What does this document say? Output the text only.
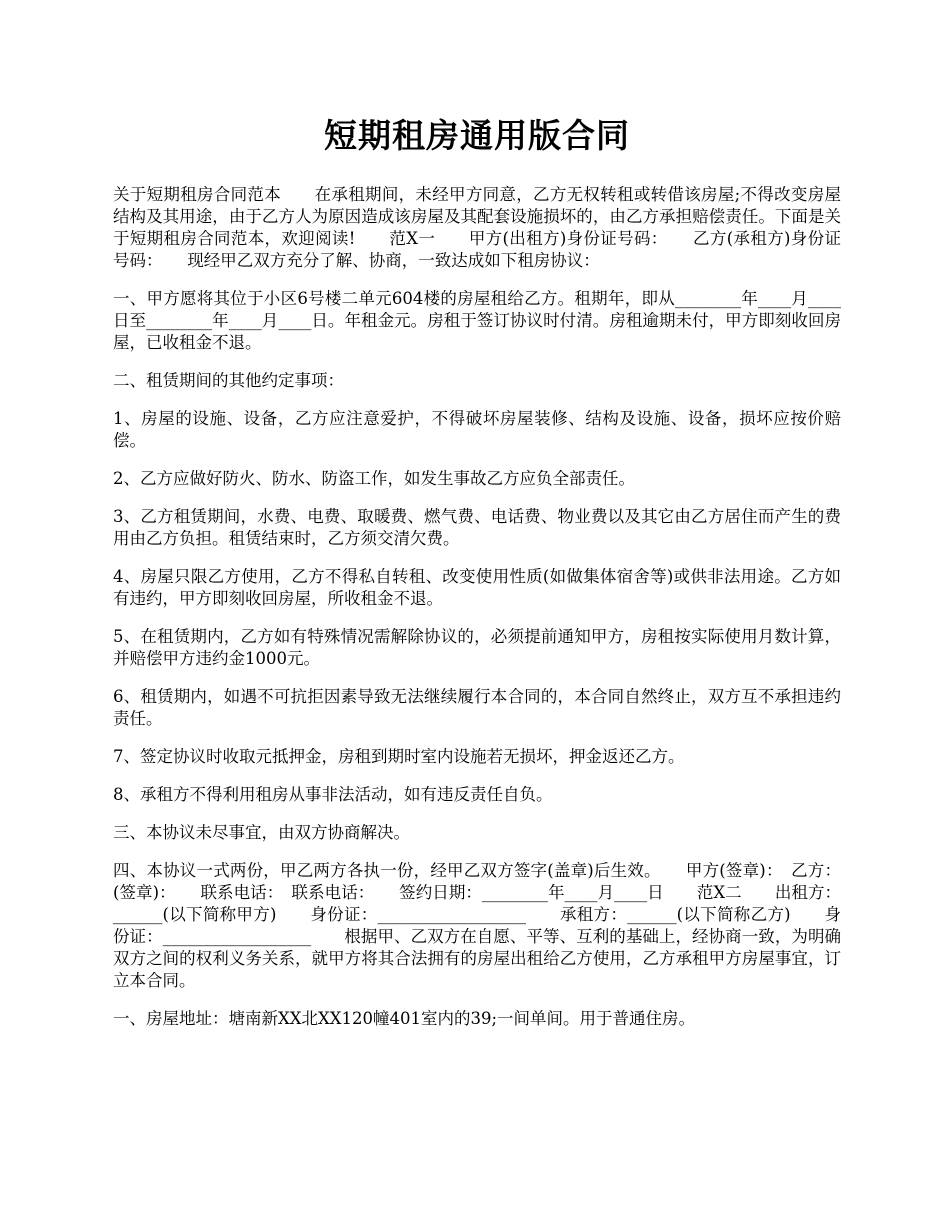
短期租房通用版合同

关于短期租房合同范本　　在承租期间，未经甲方同意，乙方无权转租或转借该房屋;不得改变房屋结构及其用途，由于乙方人为原因造成该房屋及其配套设施损坏的，由乙方承担赔偿责任。下面是关于短期租房合同范本，欢迎阅读!　　范X一　　甲方(出租方)身份证号码：　　乙方(承租方)身份证号码：　　现经甲乙双方充分了解、协商，一致达成如下租房协议：

一、甲方愿将其位于小区6号楼二单元604楼的房屋租给乙方。租期年，即从________年____月____日至________年____月____日。年租金元。房租于签订协议时付清。房租逾期未付，甲方即刻收回房屋，已收租金不退。

二、租赁期间的其他约定事项：

1、房屋的设施、设备，乙方应注意爱护，不得破坏房屋装修、结构及设施、设备，损坏应按价赔偿。

2、乙方应做好防火、防水、防盗工作，如发生事故乙方应负全部责任。

3、乙方租赁期间，水费、电费、取暖费、燃气费、电话费、物业费以及其它由乙方居住而产生的费用由乙方负担。租赁结束时，乙方须交清欠费。

4、房屋只限乙方使用，乙方不得私自转租、改变使用性质(如做集体宿舍等)或供非法用途。乙方如有违约，甲方即刻收回房屋，所收租金不退。

5、在租赁期内，乙方如有特殊情况需解除协议的，必须提前通知甲方，房租按实际使用月数计算，并赔偿甲方违约金1000元。

6、租赁期内，如遇不可抗拒因素导致无法继续履行本合同的，本合同自然终止，双方互不承担违约责任。

7、签定协议时收取元抵押金，房租到期时室内设施若无损坏，押金返还乙方。

8、承租方不得利用租房从事非法活动，如有违反责任自负。

三、本协议未尽事宜，由双方协商解决。

四、本协议一式两份，甲乙两方各执一份，经甲乙双方签字(盖章)后生效。　　甲方(签章)：　乙方：(签章)：　　联系电话：　联系电话：　　签约日期：________年____月____日　　范X二　　出租方：______(以下简称甲方)　　身份证：__________________　　承租方：______(以下简称乙方)　　身份证：__________________　　根据甲、乙双方在自愿、平等、互利的基础上，经协商一致，为明确双方之间的权利义务关系，就甲方将其合法拥有的房屋出租给乙方使用，乙方承租甲方房屋事宜，订立本合同。

一、房屋地址：塘南新XX北XX120幢401室内的39;一间单间。用于普通住房。
